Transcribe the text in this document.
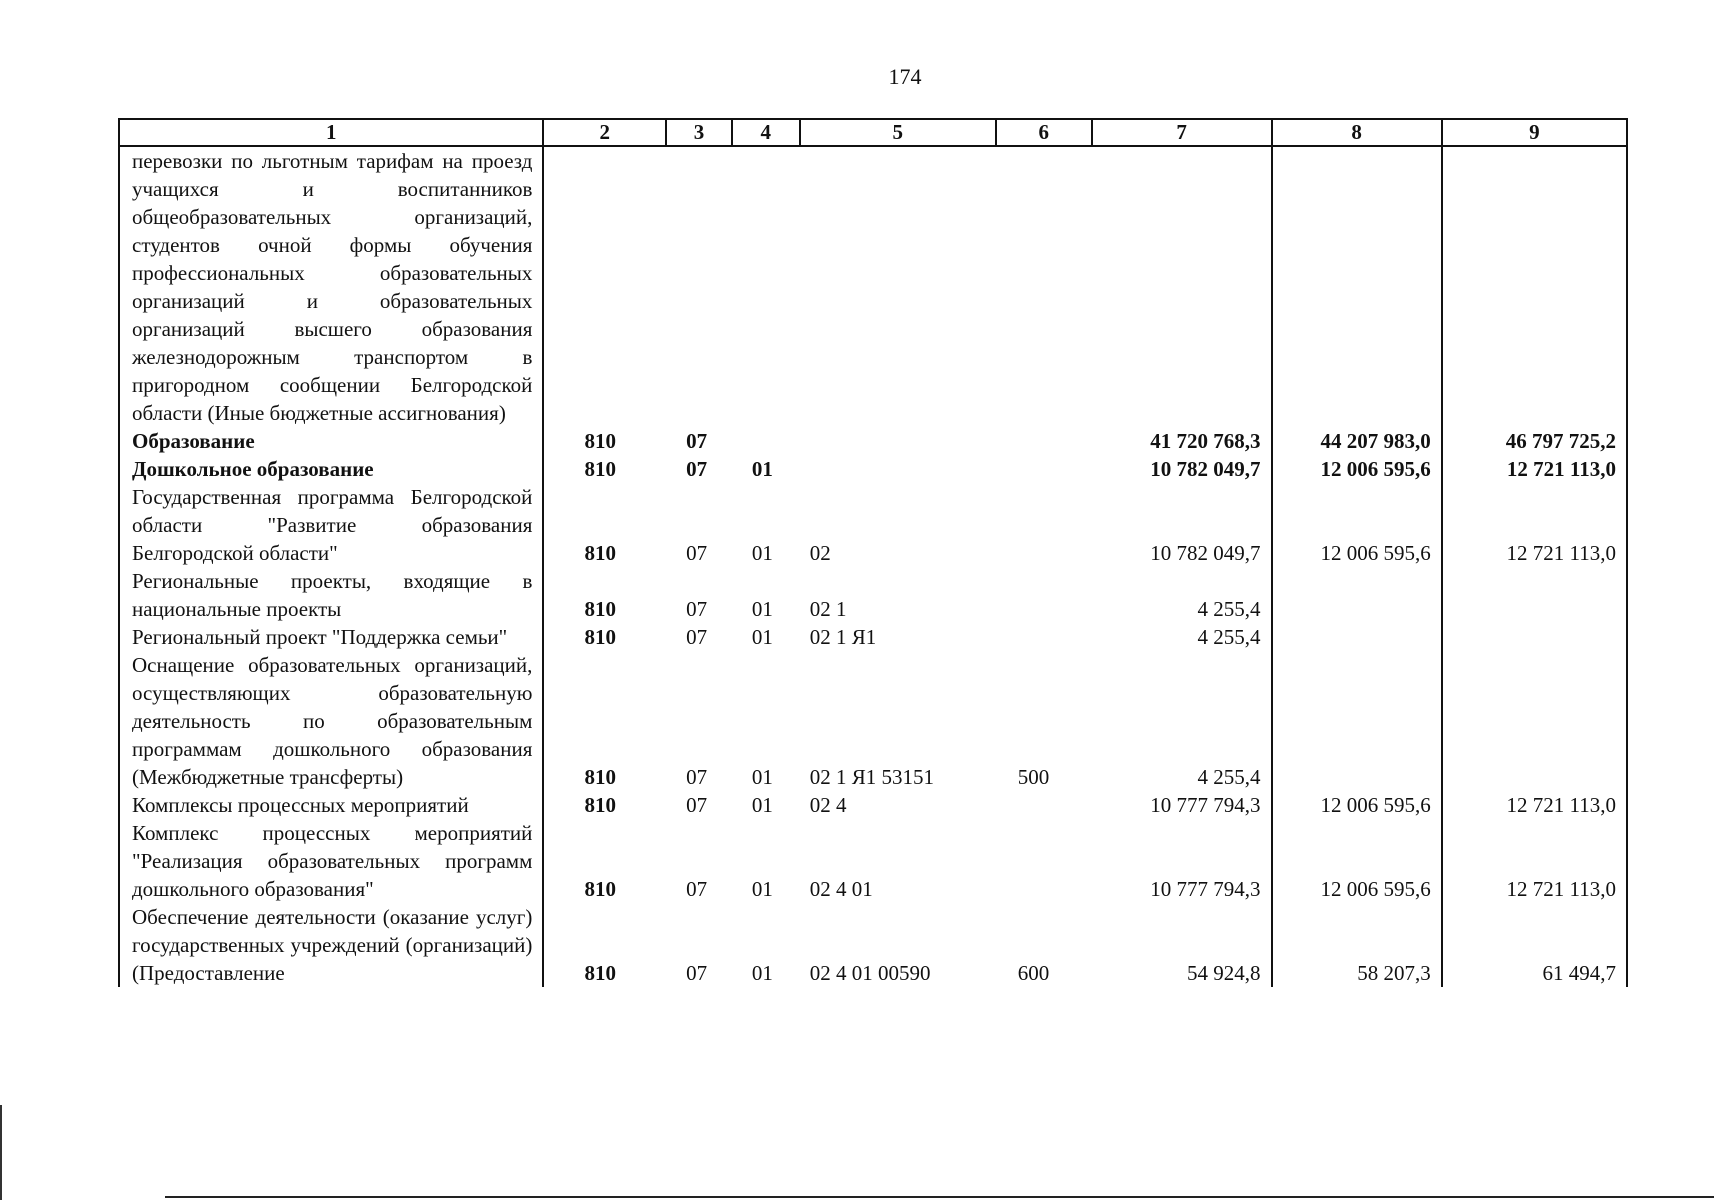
174
1	2	3	4	5	6	7	8	9
перевозки по льготным тарифам на проезд учащихся и воспитанников общеобразовательных организаций, студентов очной формы обучения профессиональных образовательных организаций и образовательных организаций высшего образования железнодорожным транспортом в пригородном сообщении Белгородской области (Иные бюджетные ассигнования)								
Образование	810	07				41 720 768,3	44 207 983,0	46 797 725,2
Дошкольное образование	810	07	01			10 782 049,7	12 006 595,6	12 721 113,0
Государственная программа Белгородской области "Развитие образования Белгородской области"	810	07	01	02		10 782 049,7	12 006 595,6	12 721 113,0
Региональные проекты, входящие в национальные проекты	810	07	01	02 1		4 255,4		
Региональный проект "Поддержка семьи"	810	07	01	02 1 Я1		4 255,4		
Оснащение образовательных организаций, осуществляющих образовательную деятельность по образовательным программам дошкольного образования (Межбюджетные трансферты)	810	07	01	02 1 Я1 53151	500	4 255,4		
Комплексы процессных мероприятий	810	07	01	02 4		10 777 794,3	12 006 595,6	12 721 113,0
Комплекс процессных мероприятий "Реализация образовательных программ дошкольного образования"	810	07	01	02 4 01		10 777 794,3	12 006 595,6	12 721 113,0
Обеспечение деятельности (оказание услуг) государственных учреждений (организаций) (Предоставление	810	07	01	02 4 01 00590	600	54 924,8	58 207,3	61 494,7
